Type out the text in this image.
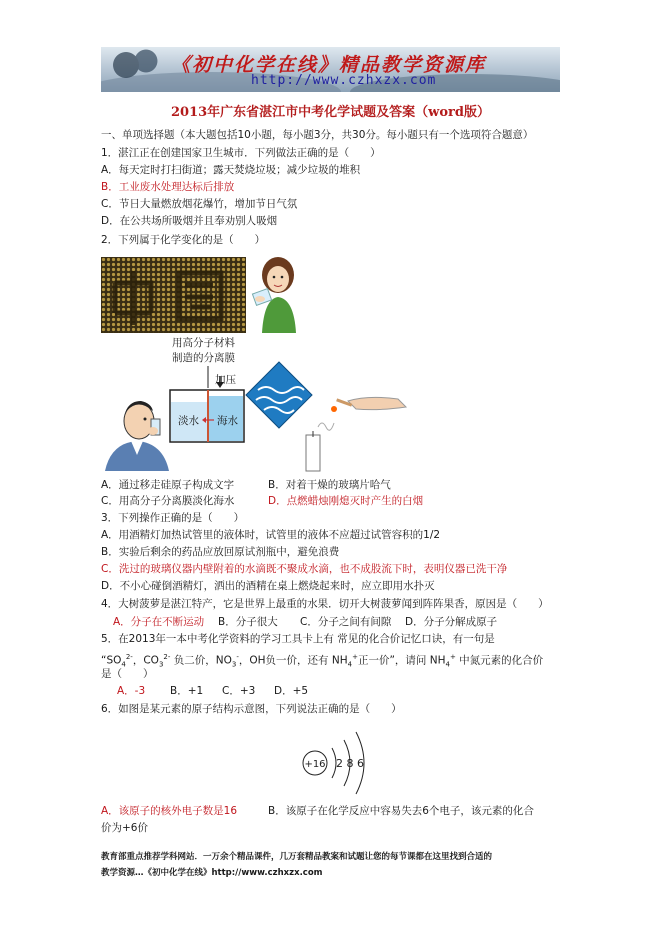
《初中化学在线》精品教学资源库
http://www.czhxzx.com
2013年广东省湛江市中考化学试题及答案（word版）
一、单项选择题（本大题包括10小题，每小题3分，共30分。每小题只有一个选项符合题意）
1．湛江正在创建国家卫生城市．下列做法正确的是（　　）
A．每天定时打扫街道；露天焚烧垃圾；减少垃圾的堆积
B．工业废水处理达标后排放
C．节日大量燃放烟花爆竹，增加节日气氛
D．在公共场所吸烟并且奉劝别人吸烟
2．下列属于化学变化的是（　　）
用高分子材料
制造的分离膜
加压
淡水 海水
A．通过移走硅原子构成文字	B．对着干燥的玻璃片哈气
C．用高分子分离膜淡化海水	D．点燃蜡烛刚熄灭时产生的白烟
3．下列操作正确的是（　　）
A．用酒精灯加热试管里的液体时，试管里的液体不应超过试管容积的1/2
B．实验后剩余的药品应放回原试剂瓶中，避免浪费
C．洗过的玻璃仪器内壁附着的水滴既不聚成水滴，也不成股流下时，表明仪器已洗干净
D．不小心碰倒酒精灯，洒出的酒精在桌上燃烧起来时，应立即用水扑灭
4．大树菠萝是湛江特产，它是世界上最重的水果．切开大树菠萝闻到阵阵果香，原因是（　　）
A．分子在不断运动 B．分子很大 C．分子之间有间隙 D．分子分解成原子
5．在2013年一本中考化学资料的学习工具卡上有 常见的化合价记忆口诀，有一句是
“$SO_4^{2-}$，$CO_3^{2-}$ 负二价，$NO_3^-$，OH负一价，还有 $NH_4^+$正一价”，请问 $NH_4^+$ 中氮元素的化合价
是（　　）
A．-3 B．+1 C．+3 D．+5
6．如图是某元素的原子结构示意图，下列说法正确的是（　　）
+16 2 8 6
A．该原子的核外电子数是16	B．该原子在化学反应中容易失去6个电子，该元素的化合
价为+6价
教育部重点推荐学科网站．一万余个精品课件，几万套精品教案和试题让您的每节课都在这里找到合适的
教学资源…《初中化学在线》http://www.czhxzx.com
